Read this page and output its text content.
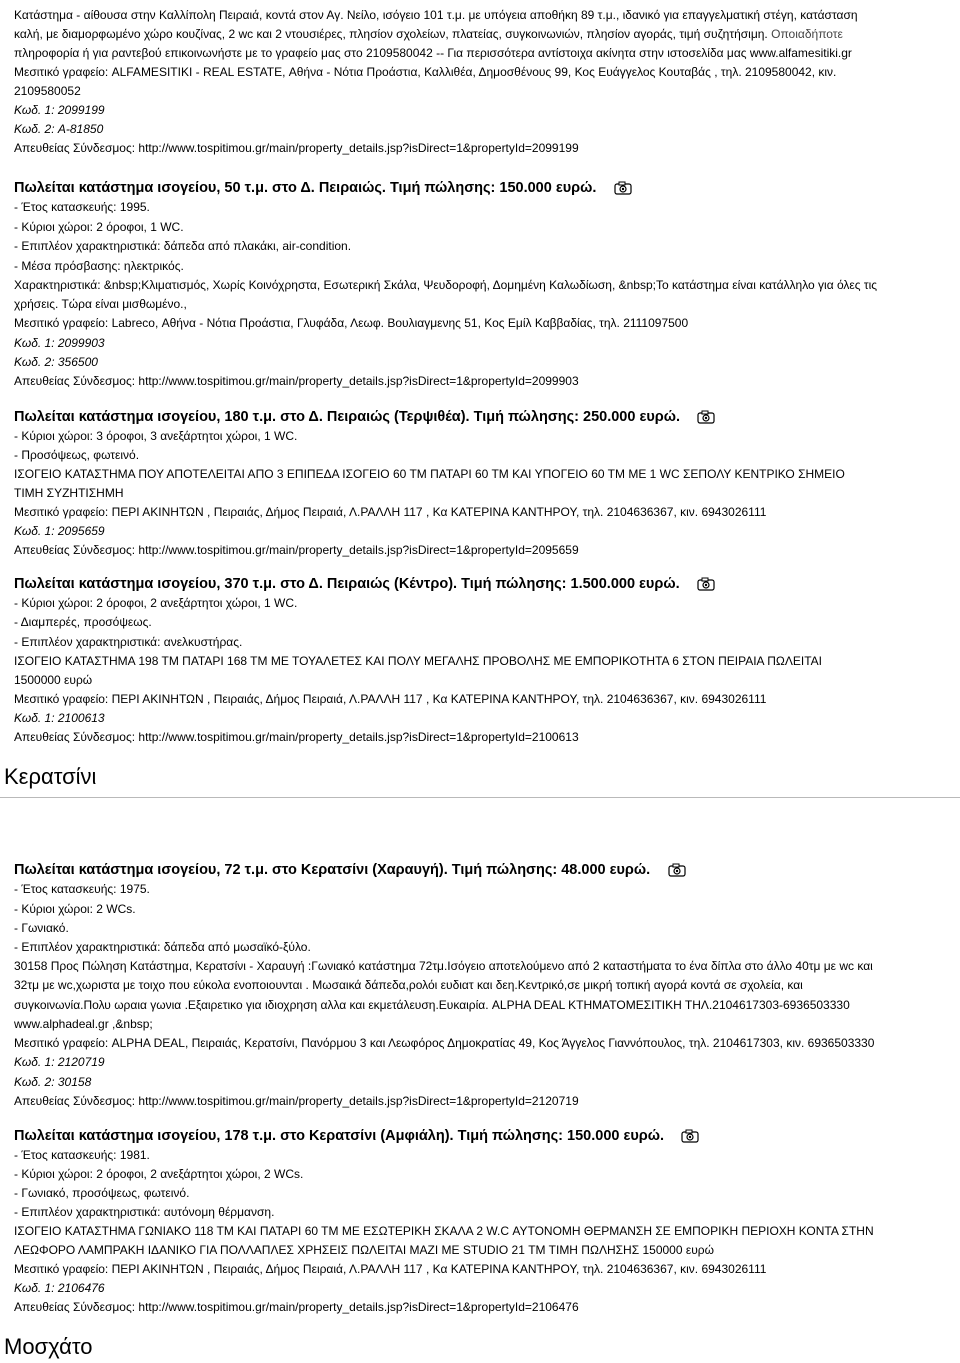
Κατάστημα - αίθουσα στην Καλλίπολη Πειραιά, κοντά στον Αγ. Νείλο, ισόγειο 101 τ.μ. με υπόγεια αποθήκη 89 τ.μ., ιδανικό για επαγγελματική στέγη, κατάσταση
καλή, με διαμορφωμένο χώρο κουζίνας, 2 wc και 2 ντουσιέρες, πλησίον σχολείων, πλατείας, συγκοινωνιών, πλησίον αγοράς, τιμή συζητήσιμη. Οποιαδήποτε
πληροφορία ή για ραντεβού επικοινωνήστε με το γραφείο μας στο 2109580042 -- Για περισσότερα αντίστοιχα ακίνητα στην ιστοσελίδα μας www.alfamesitiki.gr
Μεσιτικό γραφείο: ALFAMESITIKI - REAL ESTATE, Αθήνα - Νότια Προάστια, Καλλιθέα, Δημοσθένους 99, Κος Ευάγγελος Κουταβάς , τηλ. 2109580042, κιν.
2109580052
Κωδ. 1: 2099199
Κωδ. 2: A-81850
Απευθείας Σύνδεσμος: http://www.tospitimou.gr/main/property_details.jsp?isDirect=1&propertyId=2099199
Πωλείται κατάστημα ισογείου, 50 τ.μ. στο Δ. Πειραιώς. Τιμή πώλησης: 150.000 ευρώ.
- Έτος κατασκευής: 1995.
- Κύριοι χώροι: 2 όροφοι, 1 WC.
- Επιπλέον χαρακτηριστικά: δάπεδα από πλακάκι, air-condition.
- Μέσα πρόσβασης: ηλεκτρικός.
Χαρακτηριστικά: &nbsp;Κλιματισμός, Χωρίς Κοινόχρηστα, Εσωτερική Σκάλα, Ψευδοροφή, Δομημένη Καλωδίωση, &nbsp;Το κατάστημα είναι κατάλληλο για όλες τις
χρήσεις. Τώρα είναι μισθωμένο.,
Μεσιτικό γραφείο: Labreco, Αθήνα - Νότια Προάστια, Γλυφάδα, Λεωφ. Βουλιαγμενης 51, Κος Εμίλ Καββαδίας, τηλ. 2111097500
Κωδ. 1: 2099903
Κωδ. 2: 356500
Απευθείας Σύνδεσμος: http://www.tospitimou.gr/main/property_details.jsp?isDirect=1&propertyId=2099903
Πωλείται κατάστημα ισογείου, 180 τ.μ. στο Δ. Πειραιώς (Τερψιθέα). Τιμή πώλησης: 250.000 ευρώ.
- Κύριοι χώροι: 3 όροφοι, 3 ανεξάρτητοι χώροι, 1 WC.
- Προσόψεως, φωτεινό.
ΙΣΟΓΕΙΟ ΚΑΤΑΣΤΗΜΑ ΠΟΥ ΑΠΟΤΕΛΕΙΤΑΙ ΑΠΟ 3 ΕΠΙΠΕΔΑ ΙΣΟΓΕΙΟ 60 ΤΜ ΠΑΤΑΡΙ 60 ΤΜ ΚΑΙ ΥΠΟΓΕΙΟ 60 ΤΜ ΜΕ 1 WC ΣΕΠΟΛΥ ΚΕΝΤΡΙΚΟ ΣΗΜΕΙΟ
ΤΙΜΗ ΣΥΖΗΤΙΣΗΜΗ
Μεσιτικό γραφείο: ΠΕΡΙ ΑΚΙΝΗΤΩΝ , Πειραιάς, Δήμος Πειραιά, Λ.ΡΑΛΛΗ 117 , Κα ΚΑΤΕΡΙΝΑ ΚΑΝΤΗΡΟΥ, τηλ. 2104636367, κιν. 6943026111
Κωδ. 1: 2095659
Απευθείας Σύνδεσμος: http://www.tospitimou.gr/main/property_details.jsp?isDirect=1&propertyId=2095659
Πωλείται κατάστημα ισογείου, 370 τ.μ. στο Δ. Πειραιώς (Κέντρο). Τιμή πώλησης: 1.500.000 ευρώ.
- Κύριοι χώροι: 2 όροφοι, 2 ανεξάρτητοι χώροι, 1 WC.
- Διαμπερές, προσόψεως.
- Επιπλέον χαρακτηριστικά: ανελκυστήρας.
ΙΣΟΓΕΙΟ ΚΑΤΑΣΤΗΜΑ 198 ΤΜ ΠΑΤΑΡΙ 168 ΤΜ ΜΕ ΤΟΥΑΛΕΤΕΣ ΚΑΙ ΠΟΛΥ ΜΕΓΑΛΗΣ ΠΡΟΒΟΛΗΣ ΜΕ ΕΜΠΟΡΙΚΟΤΗΤΑ 6 ΣΤΟΝ ΠΕΙΡΑΙΑ ΠΩΛΕΙΤΑΙ
1500000 ευρώ
Μεσιτικό γραφείο: ΠΕΡΙ ΑΚΙΝΗΤΩΝ , Πειραιάς, Δήμος Πειραιά, Λ.ΡΑΛΛΗ 117 , Κα ΚΑΤΕΡΙΝΑ ΚΑΝΤΗΡΟΥ, τηλ. 2104636367, κιν. 6943026111
Κωδ. 1: 2100613
Απευθείας Σύνδεσμος: http://www.tospitimou.gr/main/property_details.jsp?isDirect=1&propertyId=2100613
Κερατσίνι
Πωλείται κατάστημα ισογείου, 72 τ.μ. στο Κερατσίνι (Χαραυγή). Τιμή πώλησης: 48.000 ευρώ.
- Έτος κατασκευής: 1975.
- Κύριοι χώροι: 2 WCs.
- Γωνιακό.
- Επιπλέον χαρακτηριστικά: δάπεδα από μωσαϊκό-ξύλο.
30158 Προς Πώληση Κατάστημα, Κερατσίνι - Χαραυγή :Γωνιακό κατάστημα 72τμ.Ισόγειο αποτελούμενο από 2 καταστήματα το ένα δίπλα στο άλλο 40τμ με wc και
32τμ με wc,χωριστα με τοιχο που εύκολα ενοποιουνται . Μωσαικά δάπεδα,ρολόι ευδιατ και δεη.Κεντρικό,σε μικρή τοπική αγορά κοντά σε σχολεία, και
συγκοινωνία.Πολυ ωραια γωνια .Εξαιρετικο για ιδιοχρηση αλλα και εκμετάλευση.Ευκαιρία. ALPHA DEAL ΚΤΗΜΑΤΟΜΕΣΙΤΙΚΗ ΤΗΛ.2104617303-6936503330
www.alphadeal.gr ,&nbsp;
Μεσιτικό γραφείο: ALPHA DEAL, Πειραιάς, Κερατσίνι, Πανόρμου 3 και Λεωφόρος Δημοκρατίας 49, Κος Άγγελος Γιαννόπουλος, τηλ. 2104617303, κιν. 6936503330
Κωδ. 1: 2120719
Κωδ. 2: 30158
Απευθείας Σύνδεσμος: http://www.tospitimou.gr/main/property_details.jsp?isDirect=1&propertyId=2120719
Πωλείται κατάστημα ισογείου, 178 τ.μ. στο Κερατσίνι (Αμφιάλη). Τιμή πώλησης: 150.000 ευρώ.
- Έτος κατασκευής: 1981.
- Κύριοι χώροι: 2 όροφοι, 2 ανεξάρτητοι χώροι, 2 WCs.
- Γωνιακό, προσόψεως, φωτεινό.
- Επιπλέον χαρακτηριστικά: αυτόνομη θέρμανση.
ΙΣΟΓΕΙΟ ΚΑΤΑΣΤΗΜΑ ΓΩΝΙΑΚΟ 118 ΤΜ ΚΑΙ ΠΑΤΑΡΙ 60 ΤΜ ΜΕ ΕΣΩΤΕΡΙΚΗ ΣΚΑΛΑ 2 W.C ΑΥΤΟΝΟΜΗ ΘΕΡΜΑΝΣΗ ΣΕ ΕΜΠΟΡΙΚΗ ΠΕΡΙΟΧΗ ΚΟΝΤΑ ΣΤΗΝ
ΛΕΩΦΟΡΟ ΛΑΜΠΡΑΚΗ ΙΔΑΝΙΚΟ ΓΙΑ ΠΟΛΛΑΠΛΕΣ ΧΡΗΣΕΙΣ ΠΩΛΕΙΤΑΙ ΜΑΖΙ ΜΕ STUDIO 21 ΤΜ ΤΙΜΗ ΠΩΛΗΣΗΣ 150000 ευρώ
Μεσιτικό γραφείο: ΠΕΡΙ ΑΚΙΝΗΤΩΝ , Πειραιάς, Δήμος Πειραιά, Λ.ΡΑΛΛΗ 117 , Κα ΚΑΤΕΡΙΝΑ ΚΑΝΤΗΡΟΥ, τηλ. 2104636367, κιν. 6943026111
Κωδ. 1: 2106476
Απευθείας Σύνδεσμος: http://www.tospitimou.gr/main/property_details.jsp?isDirect=1&propertyId=2106476
Μοσχάτο
